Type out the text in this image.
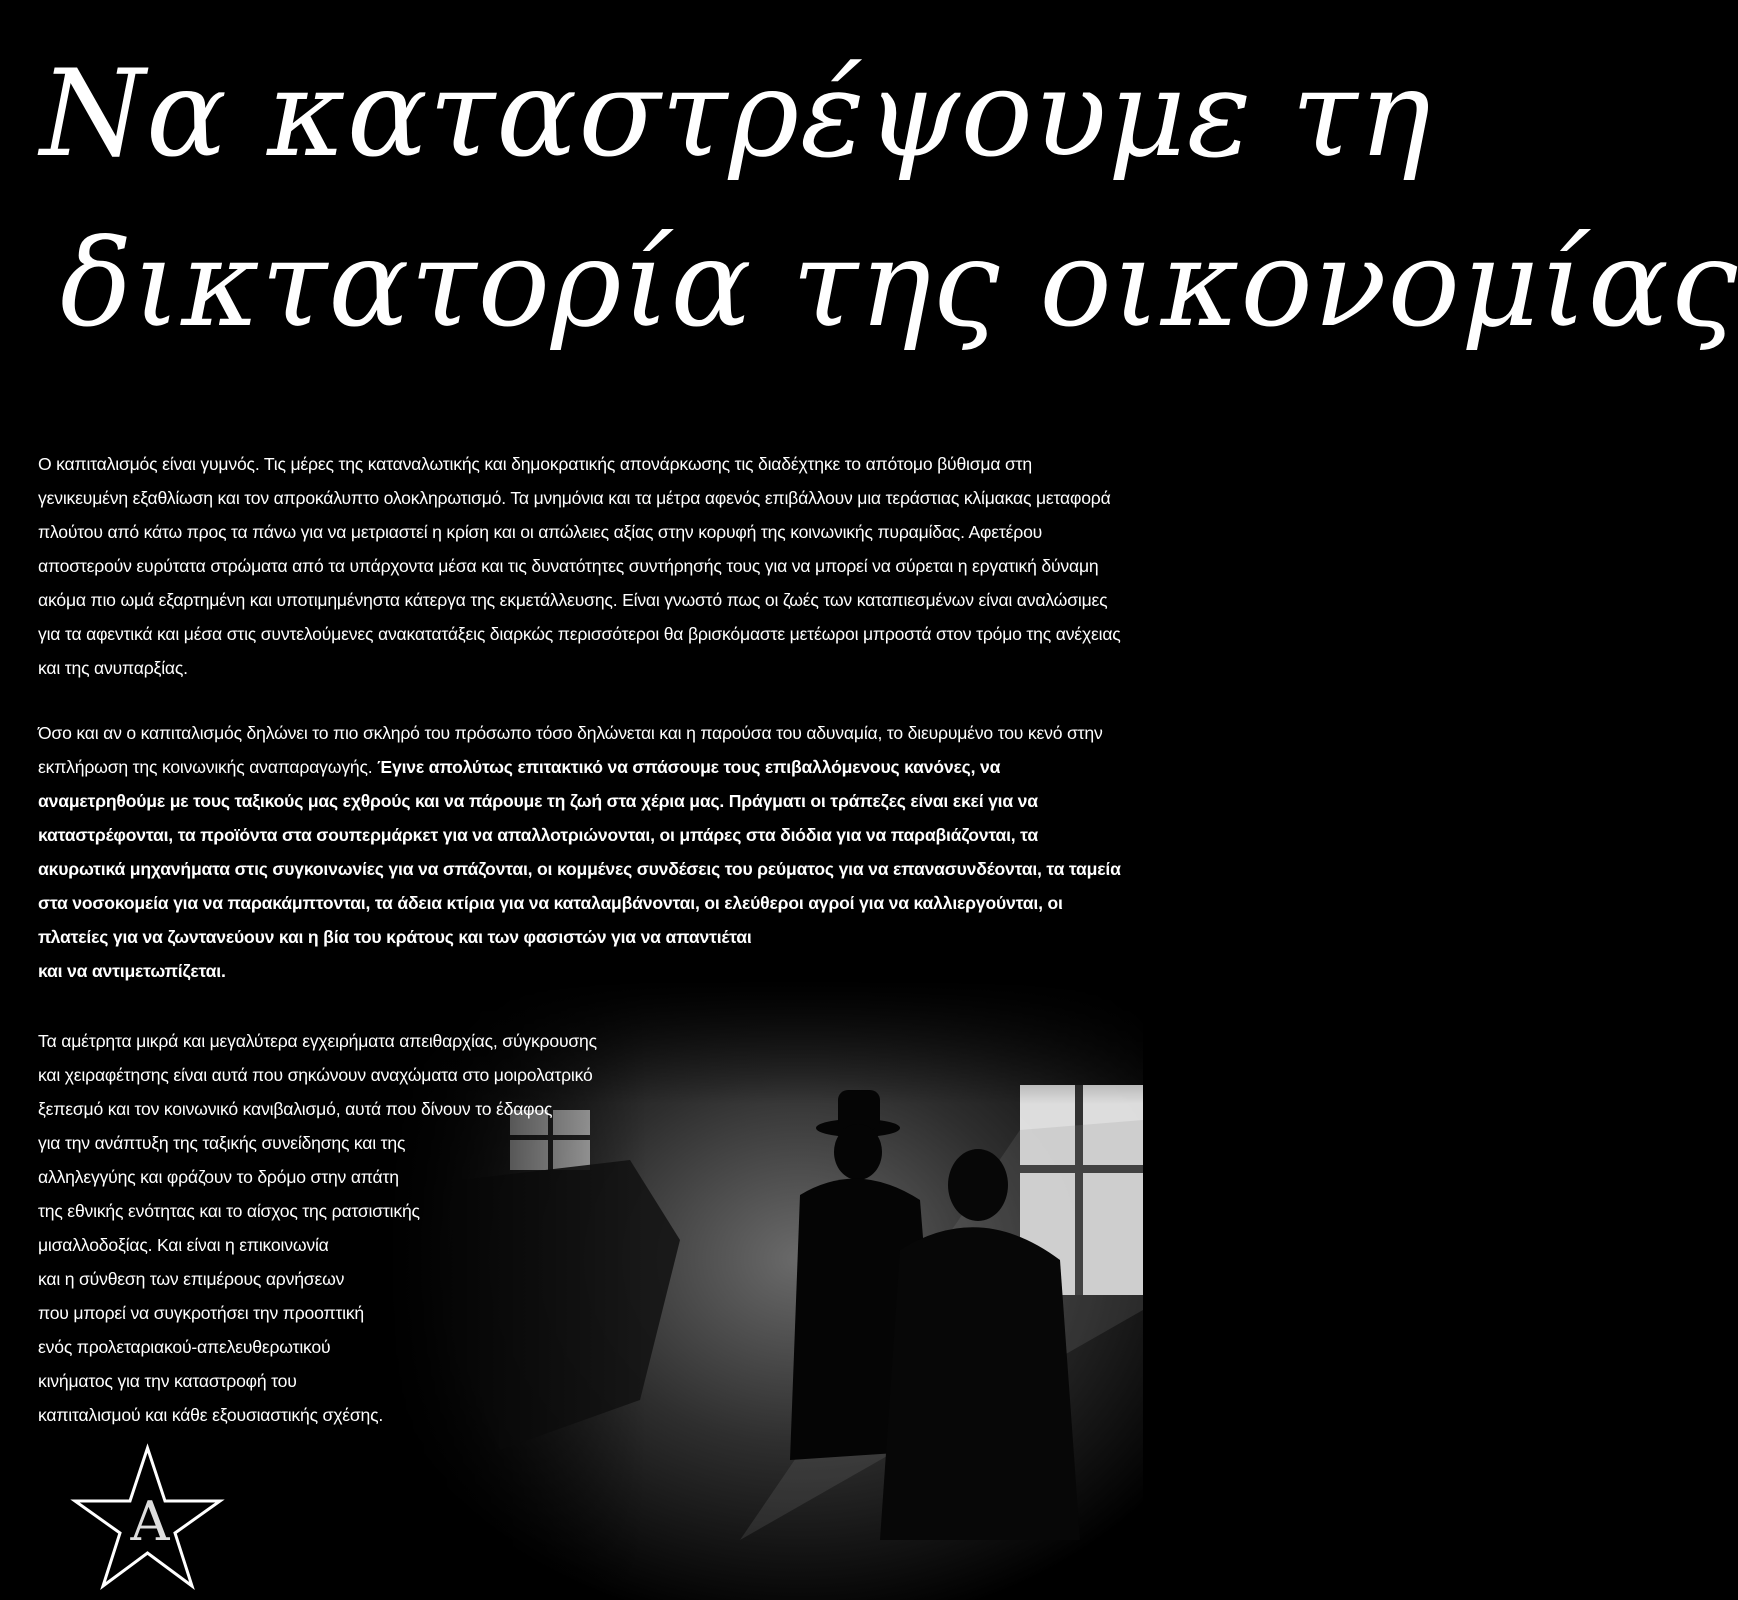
Να καταστρέψουμε τη
δικτατορία της οικονομίας

Ο καπιταλισμός είναι γυμνός. Τις μέρες της καταναλωτικής και δημοκρατικής απονάρκωσης τις διαδέχτηκε το απότομο βύθισμα στη γενικευμένη εξαθλίωση και τον απροκάλυπτο ολοκληρωτισμό. Τα μνημόνια και τα μέτρα αφενός επιβάλλουν μια τεράστιας κλίμακας μεταφορά πλούτου από κάτω προς τα πάνω για να μετριαστεί η κρίση και οι απώλειες αξίας στην κορυφή της κοινωνικής πυραμίδας. Αφετέρου αποστερούν ευρύτατα στρώματα από τα υπάρχοντα μέσα και τις δυνατότητες συντήρησής τους για να μπορεί να σύρεται η εργατική δύναμη ακόμα πιο ωμά εξαρτημένη και υποτιμημένηστα κάτεργα της εκμετάλλευσης. Είναι γνωστό πως οι ζωές των καταπιεσμένων είναι αναλώσιμες για τα αφεντικά και μέσα στις συντελούμενες ανακατατάξεις διαρκώς περισσότεροι θα βρισκόμαστε μετέωροι μπροστά στον τρόμο της ανέχειας και της ανυπαρξίας.

Όσο και αν ο καπιταλισμός δηλώνει το πιο σκληρό του πρόσωπο τόσο δηλώνεται και η παρούσα του αδυναμία, το διευρυμένο του κενό στην εκπλήρωση της κοινωνικής αναπαραγωγής. Έγινε απολύτως επιτακτικό να σπάσουμε τους επιβαλλόμενους κανόνες, να αναμετρηθούμε με τους ταξικούς μας εχθρούς και να πάρουμε τη ζωή στα χέρια μας. Πράγματι οι τράπεζες είναι εκεί για να καταστρέφονται, τα προϊόντα στα σουπερμάρκετ για να απαλλοτριώνονται, οι μπάρες στα διόδια για να παραβιάζονται, τα ακυρωτικά μηχανήματα στις συγκοινωνίες για να σπάζονται, οι κομμένες συνδέσεις του ρεύματος για να επανασυνδέονται, τα ταμεία στα νοσοκομεία για να παρακάμπτονται, τα άδεια κτίρια για να καταλαμβάνονται, οι ελεύθεροι αγροί για να καλλιεργούνται, οι πλατείες για να ζωντανεύουν και η βία του κράτους και των φασιστών για να απαντιέται
και να αντιμετωπίζεται.

Τα αμέτρητα μικρά και μεγαλύτερα εγχειρήματα απειθαρχίας, σύγκρουσης
και χειραφέτησης είναι αυτά που σηκώνουν αναχώματα στο μοιρολατρικό
ξεπεσμό και τον κοινωνικό κανιβαλισμό, αυτά που δίνουν το έδαφος
για την ανάπτυξη της ταξικής συνείδησης και της
αλληλεγγύης και φράζουν το δρόμο στην απάτη
της εθνικής ενότητας και το αίσχος της ρατσιστικής
μισαλλοδοξίας. Και είναι η επικοινωνία
και η σύνθεση των επιμέρους αρνήσεων
που μπορεί να συγκροτήσει την προοπτική
ενός προλεταριακού-απελευθερωτικού
κινήματος για την καταστροφή του
καπιταλισμού και κάθε εξουσιαστικής σχέσης.

A
